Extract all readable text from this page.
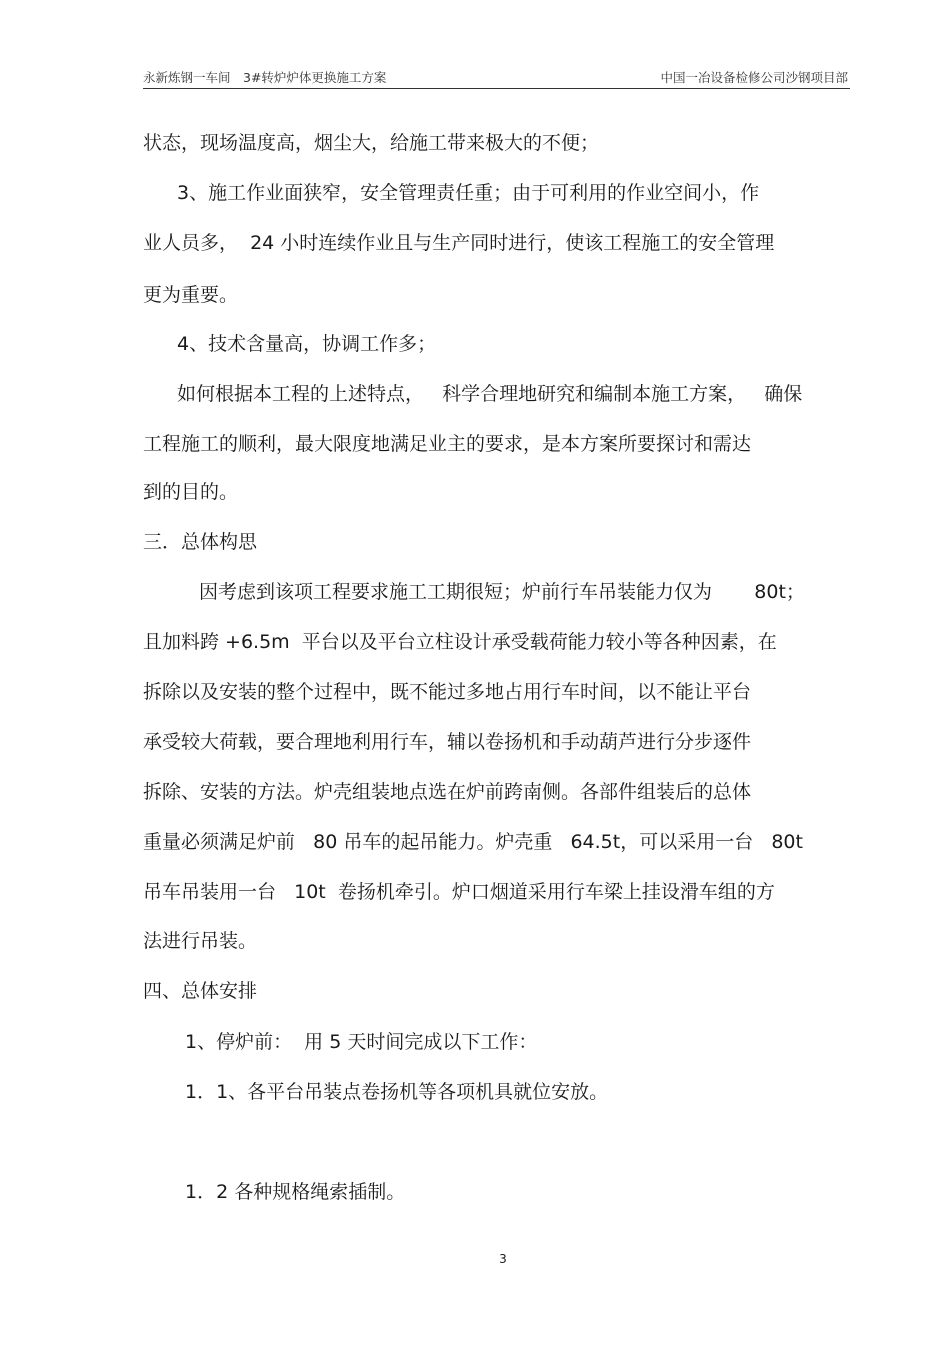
永新炼钢一车间　3#转炉炉体更换施工方案	中国一冶设备检修公司沙钢项目部
状态，现场温度高，烟尘大，给施工带来极大的不便；
3、施工作业面狭窄，安全管理责任重；由于可利用的作业空间小，作
业人员多，  24 小时连续作业且与生产同时进行，使该工程施工的安全管理
更为重要。
4、技术含量高，协调工作多；
如何根据本工程的上述特点，   科学合理地研究和编制本施工方案，   确保
工程施工的顺利，最大限度地满足业主的要求，是本方案所要探讨和需达
到的目的。
三．总体构思
因考虑到该项工程要求施工工期很短；炉前行车吊装能力仅为       80t；
且加料跨 +6.5m  平台以及平台立柱设计承受载荷能力较小等各种因素，在
拆除以及安装的整个过程中，既不能过多地占用行车时间，以不能让平台
承受较大荷载，要合理地利用行车，辅以卷扬机和手动葫芦进行分步逐件
拆除、安装的方法。炉壳组装地点选在炉前跨南侧。各部件组装后的总体
重量必须满足炉前   80 吊车的起吊能力。炉壳重   64.5t，可以采用一台   80t
吊车吊装用一台   10t  卷扬机牵引。炉口烟道采用行车梁上挂设滑车组的方
法进行吊装。
四、总体安排
1、停炉前：  用 5 天时间完成以下工作：
1．1、各平台吊装点卷扬机等各项机具就位安放。
1．2 各种规格绳索插制。
3
